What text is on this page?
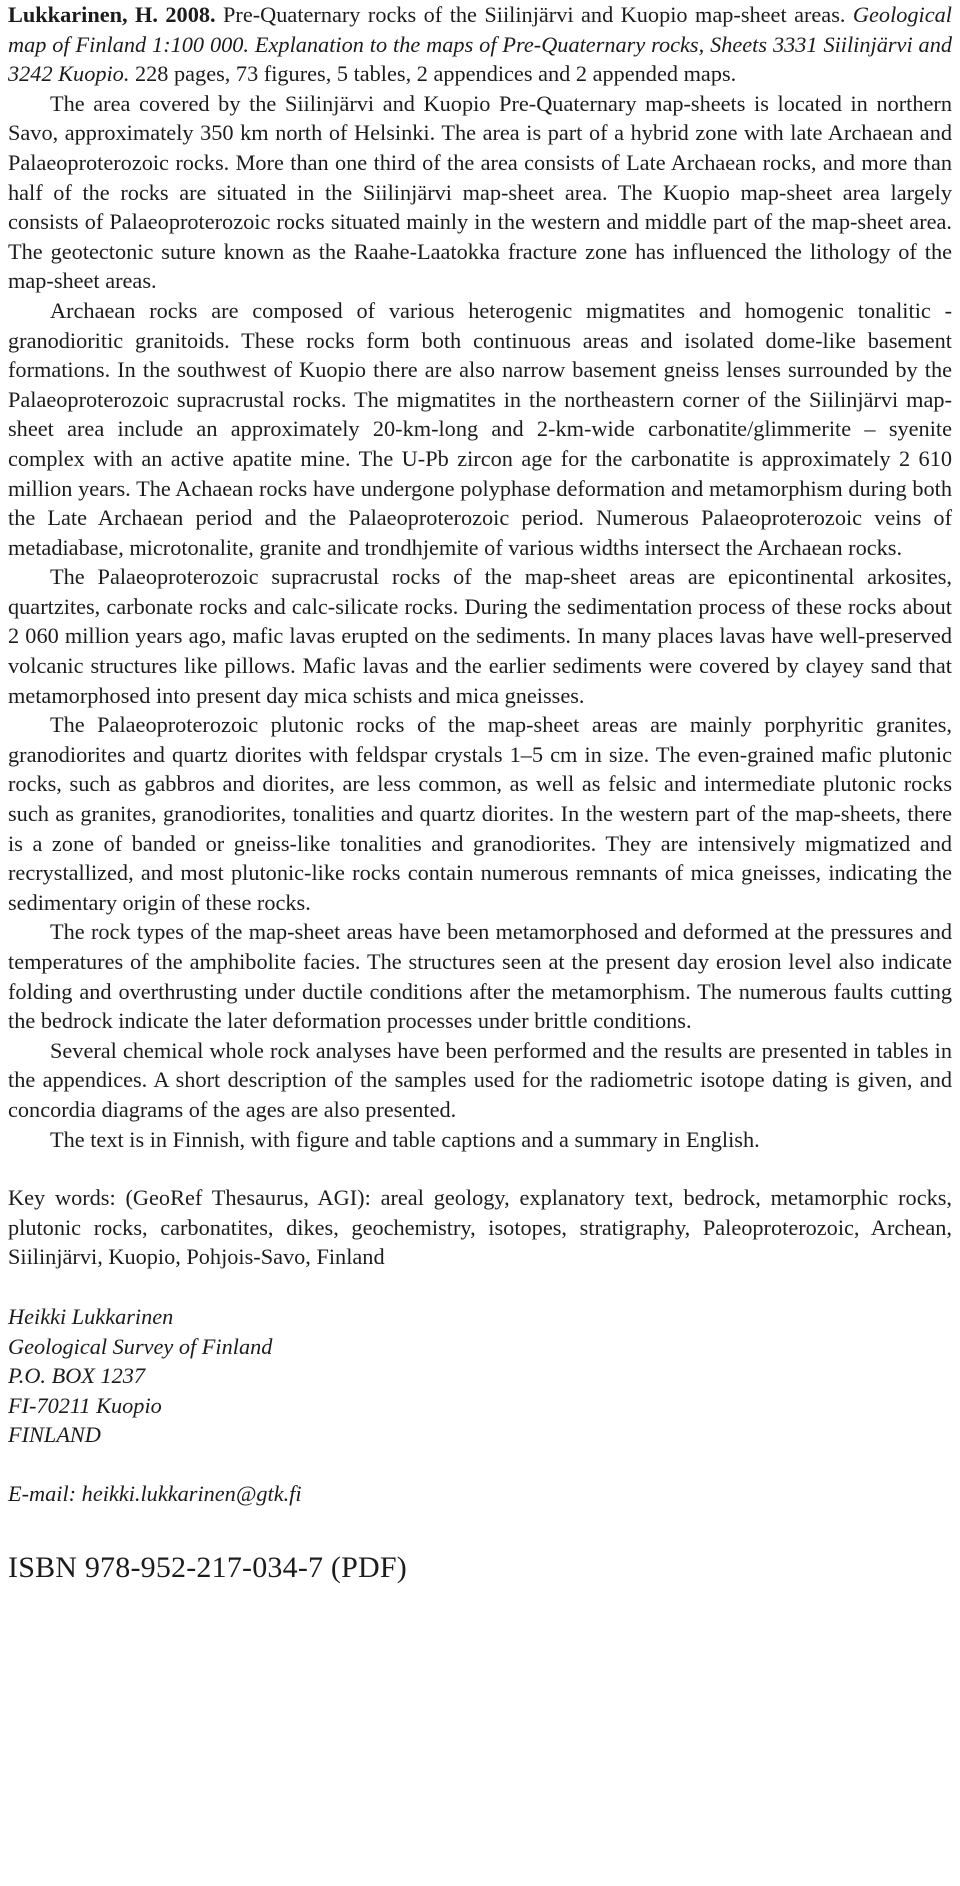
Lukkarinen, H. 2008. Pre-Quaternary rocks of the Siilinjärvi and Kuopio map-sheet areas. Geological map of Finland 1:100 000. Explanation to the maps of Pre-Quaternary rocks, Sheets 3331 Siilinjärvi and 3242 Kuopio. 228 pages, 73 figures, 5 tables, 2 appendices and 2 appended maps.

The area covered by the Siilinjärvi and Kuopio Pre-Quaternary map-sheets is located in northern Savo, approximately 350 km north of Helsinki. The area is part of a hybrid zone with late Archaean and Palaeoproterozoic rocks. More than one third of the area consists of Late Archaean rocks, and more than half of the rocks are situated in the Siilinjärvi map-sheet area. The Kuopio map-sheet area largely consists of Palaeoproterozoic rocks situated mainly in the western and middle part of the map-sheet area. The geotectonic suture known as the Raahe-Laatokka fracture zone has influenced the lithology of the map-sheet areas.

Archaean rocks are composed of various heterogenic migmatites and homogenic tonalitic - granodioritic granitoids. These rocks form both continuous areas and isolated dome-like basement formations. In the southwest of Kuopio there are also narrow basement gneiss lenses surrounded by the Palaeoproterozoic supracrustal rocks. The migmatites in the northeastern corner of the Siilinjärvi map-sheet area include an approximately 20-km-long and 2-km-wide carbonatite/glimmerite – syenite complex with an active apatite mine. The U-Pb zircon age for the carbonatite is approximately 2 610 million years. The Achaean rocks have undergone polyphase deformation and metamorphism during both the Late Archaean period and the Palaeoproterozoic period. Numerous Palaeoproterozoic veins of metadiabase, microtonalite, granite and trondhjemite of various widths intersect the Archaean rocks.

The Palaeoproterozoic supracrustal rocks of the map-sheet areas are epicontinental arkosites, quartzites, carbonate rocks and calc-silicate rocks. During the sedimentation process of these rocks about 2 060 million years ago, mafic lavas erupted on the sediments. In many places lavas have well-preserved volcanic structures like pillows. Mafic lavas and the earlier sediments were covered by clayey sand that metamorphosed into present day mica schists and mica gneisses.

The Palaeoproterozoic plutonic rocks of the map-sheet areas are mainly porphyritic granites, granodiorites and quartz diorites with feldspar crystals 1–5 cm in size. The even-grained mafic plutonic rocks, such as gabbros and diorites, are less common, as well as felsic and intermediate plutonic rocks such as granites, granodiorites, tonalities and quartz diorites. In the western part of the map-sheets, there is a zone of banded or gneiss-like tonalities and granodiorites. They are intensively migmatized and recrystallized, and most plutonic-like rocks contain numerous remnants of mica gneisses, indicating the sedimentary origin of these rocks.

The rock types of the map-sheet areas have been metamorphosed and deformed at the pressures and temperatures of the amphibolite facies. The structures seen at the present day erosion level also indicate folding and overthrusting under ductile conditions after the metamorphism. The numerous faults cutting the bedrock indicate the later deformation processes under brittle conditions.

Several chemical whole rock analyses have been performed and the results are presented in tables in the appendices. A short description of the samples used for the radiometric isotope dating is given, and concordia diagrams of the ages are also presented.

The text is in Finnish, with figure and table captions and a summary in English.

Key words: (GeoRef Thesaurus, AGI): areal geology, explanatory text, bedrock, metamorphic rocks, plutonic rocks, carbonatites, dikes, geochemistry, isotopes, stratigraphy, Paleoproterozoic, Archean, Siilinjärvi, Kuopio, Pohjois-Savo, Finland

Heikki Lukkarinen
Geological Survey of Finland
P.O. BOX 1237
FI-70211 Kuopio
FINLAND

E-mail: heikki.lukkarinen@gtk.fi

ISBN 978-952-217-034-7 (PDF)
